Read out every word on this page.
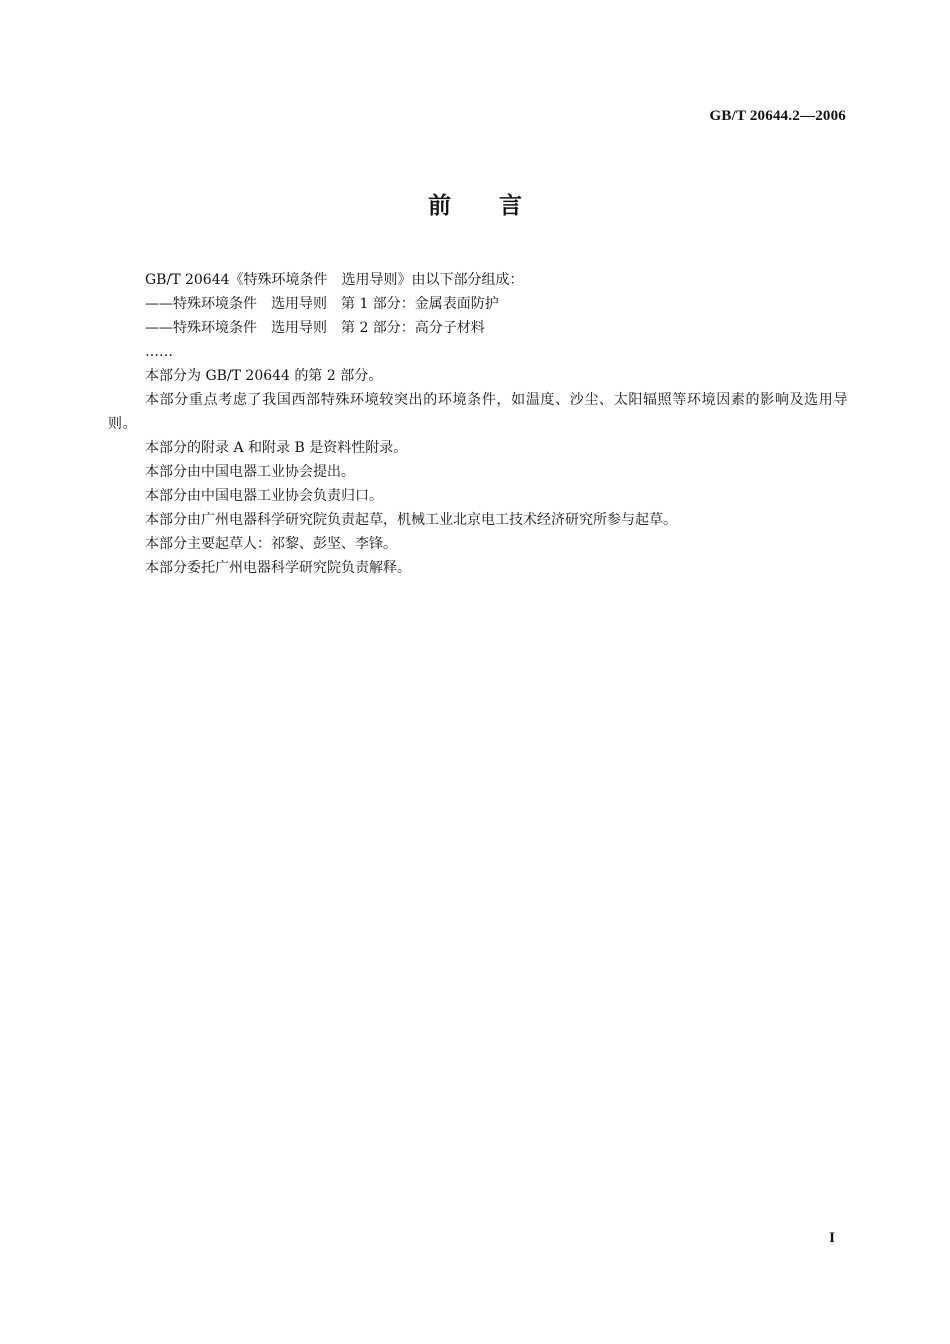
GB/T 20644.2—2006
前言

GB/T 20644《特殊环境条件　选用导则》由以下部分组成：

——特殊环境条件　选用导则　第 1 部分：金属表面防护

——特殊环境条件　选用导则　第 2 部分：高分子材料

……

本部分为 GB/T 20644 的第 2 部分。

本部分重点考虑了我国西部特殊环境较突出的环境条件，如温度、沙尘、太阳辐照等环境因素的影响及选用导则。

本部分的附录 A 和附录 B 是资料性附录。

本部分由中国电器工业协会提出。

本部分由中国电器工业协会负责归口。

本部分由广州电器科学研究院负责起草，机械工业北京电工技术经济研究所参与起草。

本部分主要起草人：祁黎、彭坚、李锋。

本部分委托广州电器科学研究院负责解释。

I
